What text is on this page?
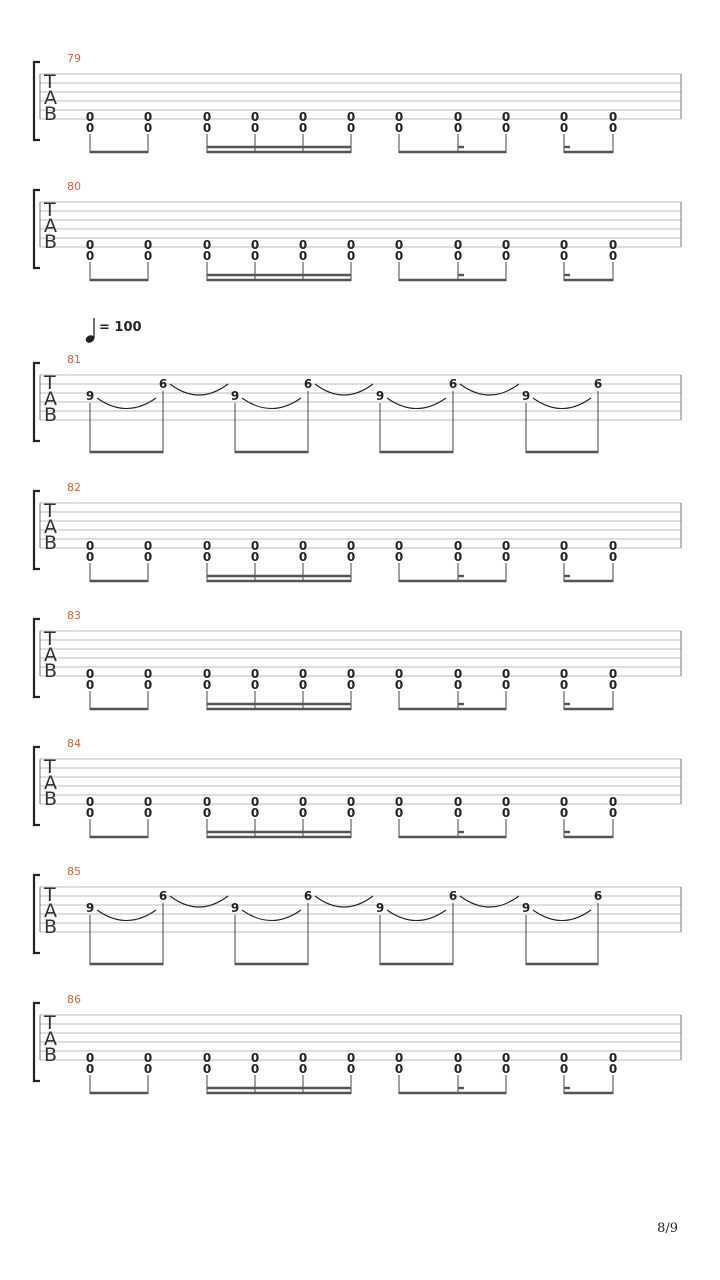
= 100
79
T
A
B 0
0
0
0
0
0
0
0
0
0
0
0
0
0
0
0
0
0
0
0
0
0
80
T
A
B 0
0
0
0
0
0
0
0
0
0
0
0
0
0
0
0
0
0
0
0
0
0
81
T
A
B
9
6
9
6
9
6
9
6
82
T
A
B 0
0
0
0
0
0
0
0
0
0
0
0
0
0
0
0
0
0
0
0
0
0
83
T
A
B 0
0
0
0
0
0
0
0
0
0
0
0
0
0
0
0
0
0
0
0
0
0
84
T
A
B 0
0
0
0
0
0
0
0
0
0
0
0
0
0
0
0
0
0
0
0
0
0
85
T
A
B
9
6
9
6
9
6
9
6
86
T
A
B 0
0
0
0
0
0
0
0
0
0
0
0
0
0
0
0
0
0
0
0
0
0
8/9
